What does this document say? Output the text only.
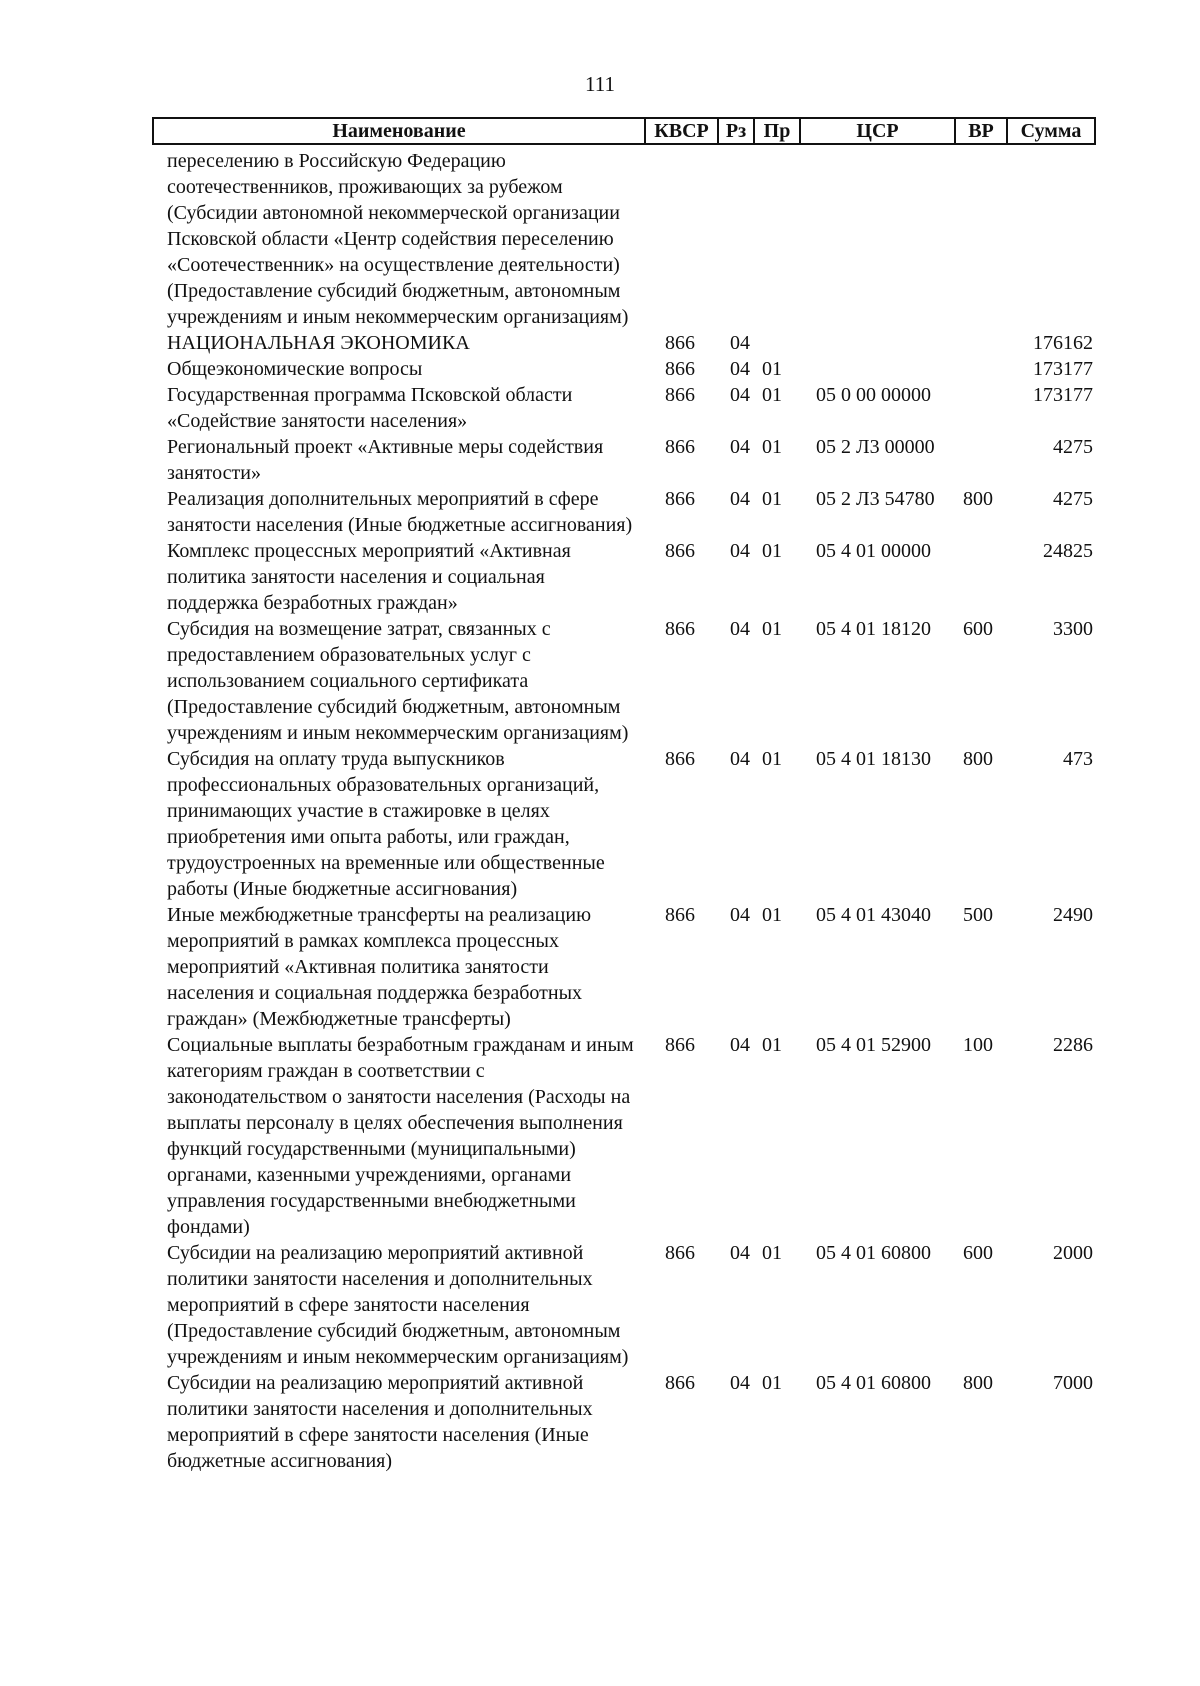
111
Наименование	КВСР	Рз	Пр	ЦСР	ВР	Сумма
переселению в Российскую Федерацию соотечественников, проживающих за рубежом (Субсидии автономной некоммерческой организации Псковской области «Центр содействия переселению «Соотечественник» на осуществление деятельности) (Предоставление субсидий бюджетным, автономным учреждениям и иным некоммерческим организациям)						
НАЦИОНАЛЬНАЯ ЭКОНОМИКА	866	04				176162
Общеэкономические вопросы	866	04	01			173177
Государственная программа Псковской области «Содействие занятости населения»	866	04	01	05 0 00 00000		173177
Региональный проект «Активные меры содействия занятости»	866	04	01	05 2 Л3 00000		4275
Реализация дополнительных мероприятий в сфере занятости населения (Иные бюджетные ассигнования)	866	04	01	05 2 Л3 54780	800	4275
Комплекс процессных мероприятий «Активная политика занятости населения и социальная поддержка безработных граждан»	866	04	01	05 4 01 00000		24825
Субсидия на возмещение затрат, связанных с предоставлением образовательных услуг с использованием социального сертификата (Предоставление субсидий бюджетным, автономным учреждениям и иным некоммерческим организациям)	866	04	01	05 4 01 18120	600	3300
Субсидия на оплату труда выпускников профессиональных образовательных организаций, принимающих участие в стажировке в целях приобретения ими опыта работы, или граждан, трудоустроенных на временные или общественные работы (Иные бюджетные ассигнования)	866	04	01	05 4 01 18130	800	473
Иные межбюджетные трансферты на реализацию мероприятий в рамках комплекса процессных мероприятий «Активная политика занятости населения и социальная поддержка безработных граждан» (Межбюджетные трансферты)	866	04	01	05 4 01 43040	500	2490
Социальные выплаты безработным гражданам и иным категориям граждан в соответствии с законодательством о занятости населения (Расходы на выплаты персоналу в целях обеспечения выполнения функций государственными (муниципальными) органами, казенными учреждениями, органами управления государственными внебюджетными фондами)	866	04	01	05 4 01 52900	100	2286
Субсидии на реализацию мероприятий активной политики занятости населения и дополнительных мероприятий в сфере занятости населения (Предоставление субсидий бюджетным, автономным учреждениям и иным некоммерческим организациям)	866	04	01	05 4 01 60800	600	2000
Субсидии на реализацию мероприятий активной политики занятости населения и дополнительных мероприятий в сфере занятости населения (Иные бюджетные ассигнования)	866	04	01	05 4 01 60800	800	7000
